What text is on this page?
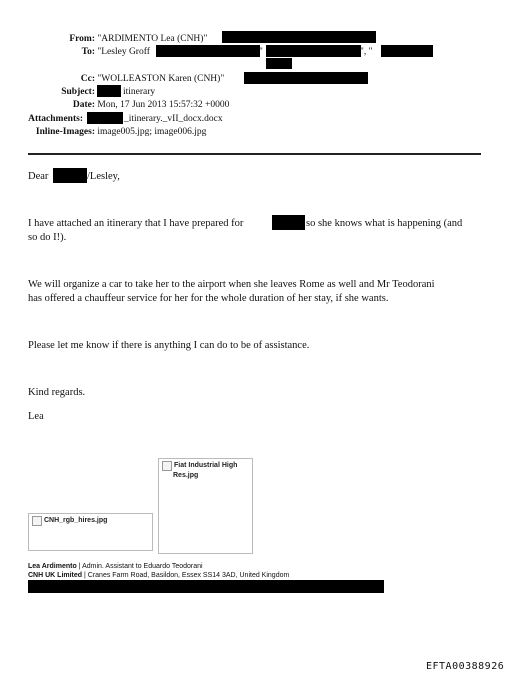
From: "ARDIMENTO Lea (CNH)"
To: "Lesley Groff	"	", "
Cc: "WOLLEASTON Karen (CNH)"
Subject:	itinerary
Date: Mon, 17 Jun 2013 15:57:32 +0000
Attachments:	_itinerary._vII_docx.docx
Inline-Images: image005.jpg; image006.jpg
Dear	/Lesley,
I have attached an itinerary that I have prepared for	so she knows what is happening (and
so do I!).
We will organize a car to take her to the airport when she leaves Rome as well and Mr Teodorani
has offered a chauffeur service for her for the whole duration of her stay, if she wants.
Please let me know if there is anything I can do to be of assistance.
Kind regards.
Lea
Fiat Industrial High
Res.jpg
CNH_rgb_hires.jpg
Lea Ardimento | Admin. Assistant to Eduardo Teodorani
CNH UK Limited | Cranes Farm Road, Basildon, Essex SS14 3AD, United Kingdom
EFTA00388926
